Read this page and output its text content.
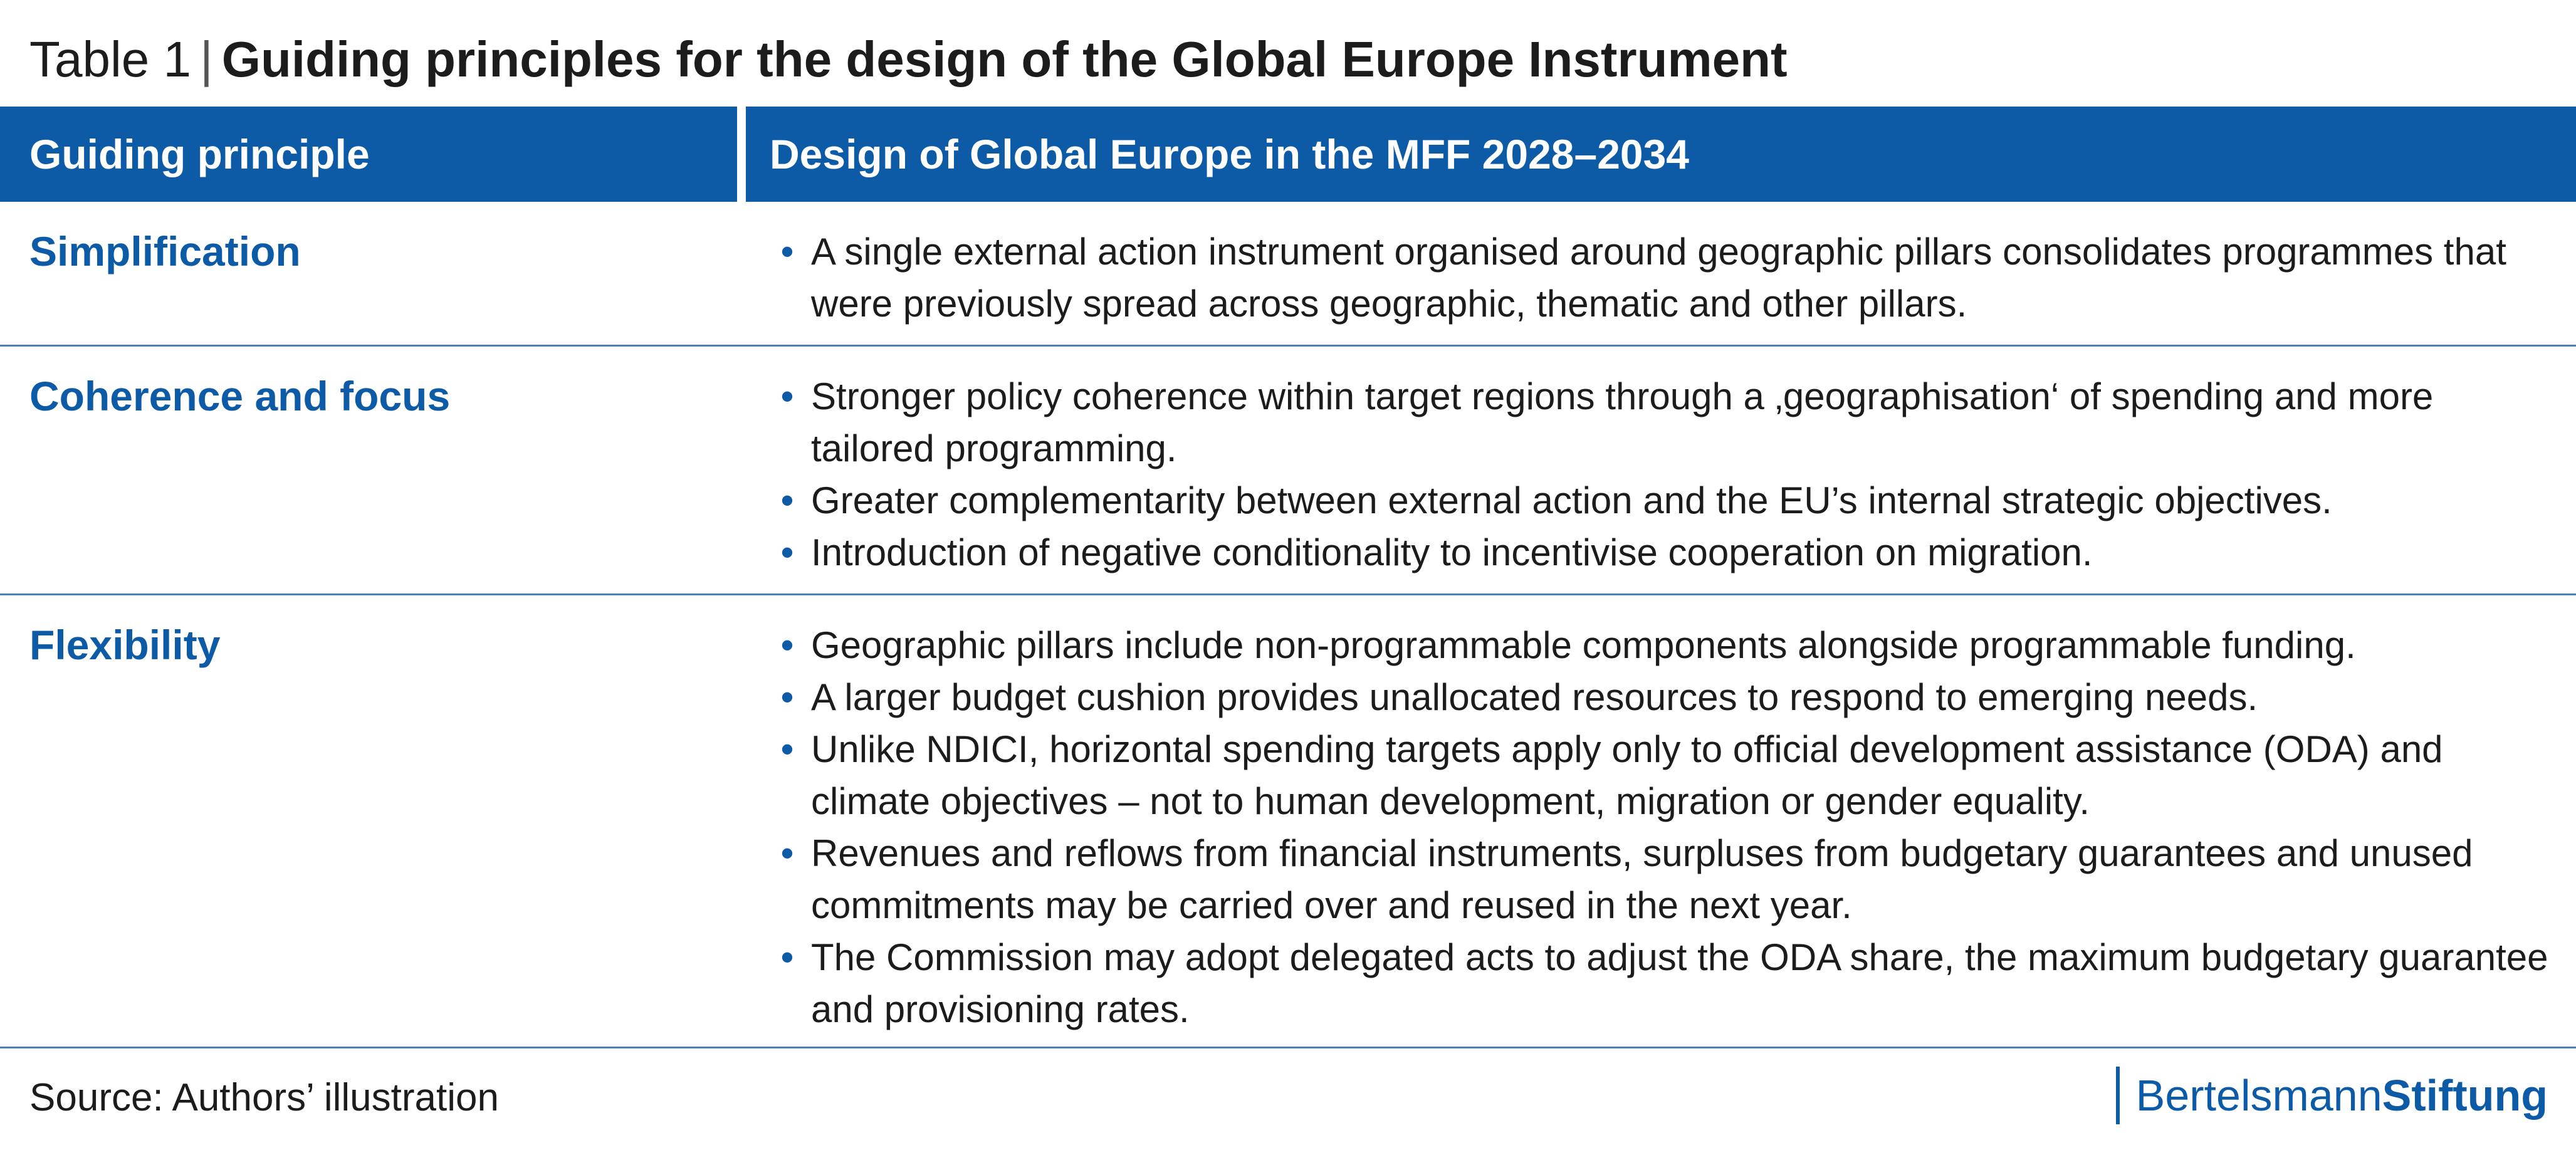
Table 1 | Guiding principles for the design of the Global Europe Instrument
Guiding principle	Design of Global Europe in the MFF 2028–2034
Simplification	• A single external action instrument organised around geographic pillars consolidates programmes that were previously spread across geographic, thematic and other pillars.
Coherence and focus	• Stronger policy coherence within target regions through a ‚geographisation‘ of spending and more tailored programming.
• Greater complementarity between external action and the EU’s internal strategic objectives.
• Introduction of negative conditionality to incentivise cooperation on migration.
Flexibility	• Geographic pillars include non-programmable components alongside programmable funding.
• A larger budget cushion provides unallocated resources to respond to emerging needs.
• Unlike NDICI, horizontal spending targets apply only to official development assistance (ODA) and climate objectives – not to human development, migration or gender equality.
• Revenues and reflows from financial instruments, surpluses from budgetary guarantees and unused commitments may be carried over and reused in the next year.
• The Commission may adopt delegated acts to adjust the ODA share, the maximum budgetary guarantee and provisioning rates.
Source: Authors’ illustration	Bertelsmann Stiftung
